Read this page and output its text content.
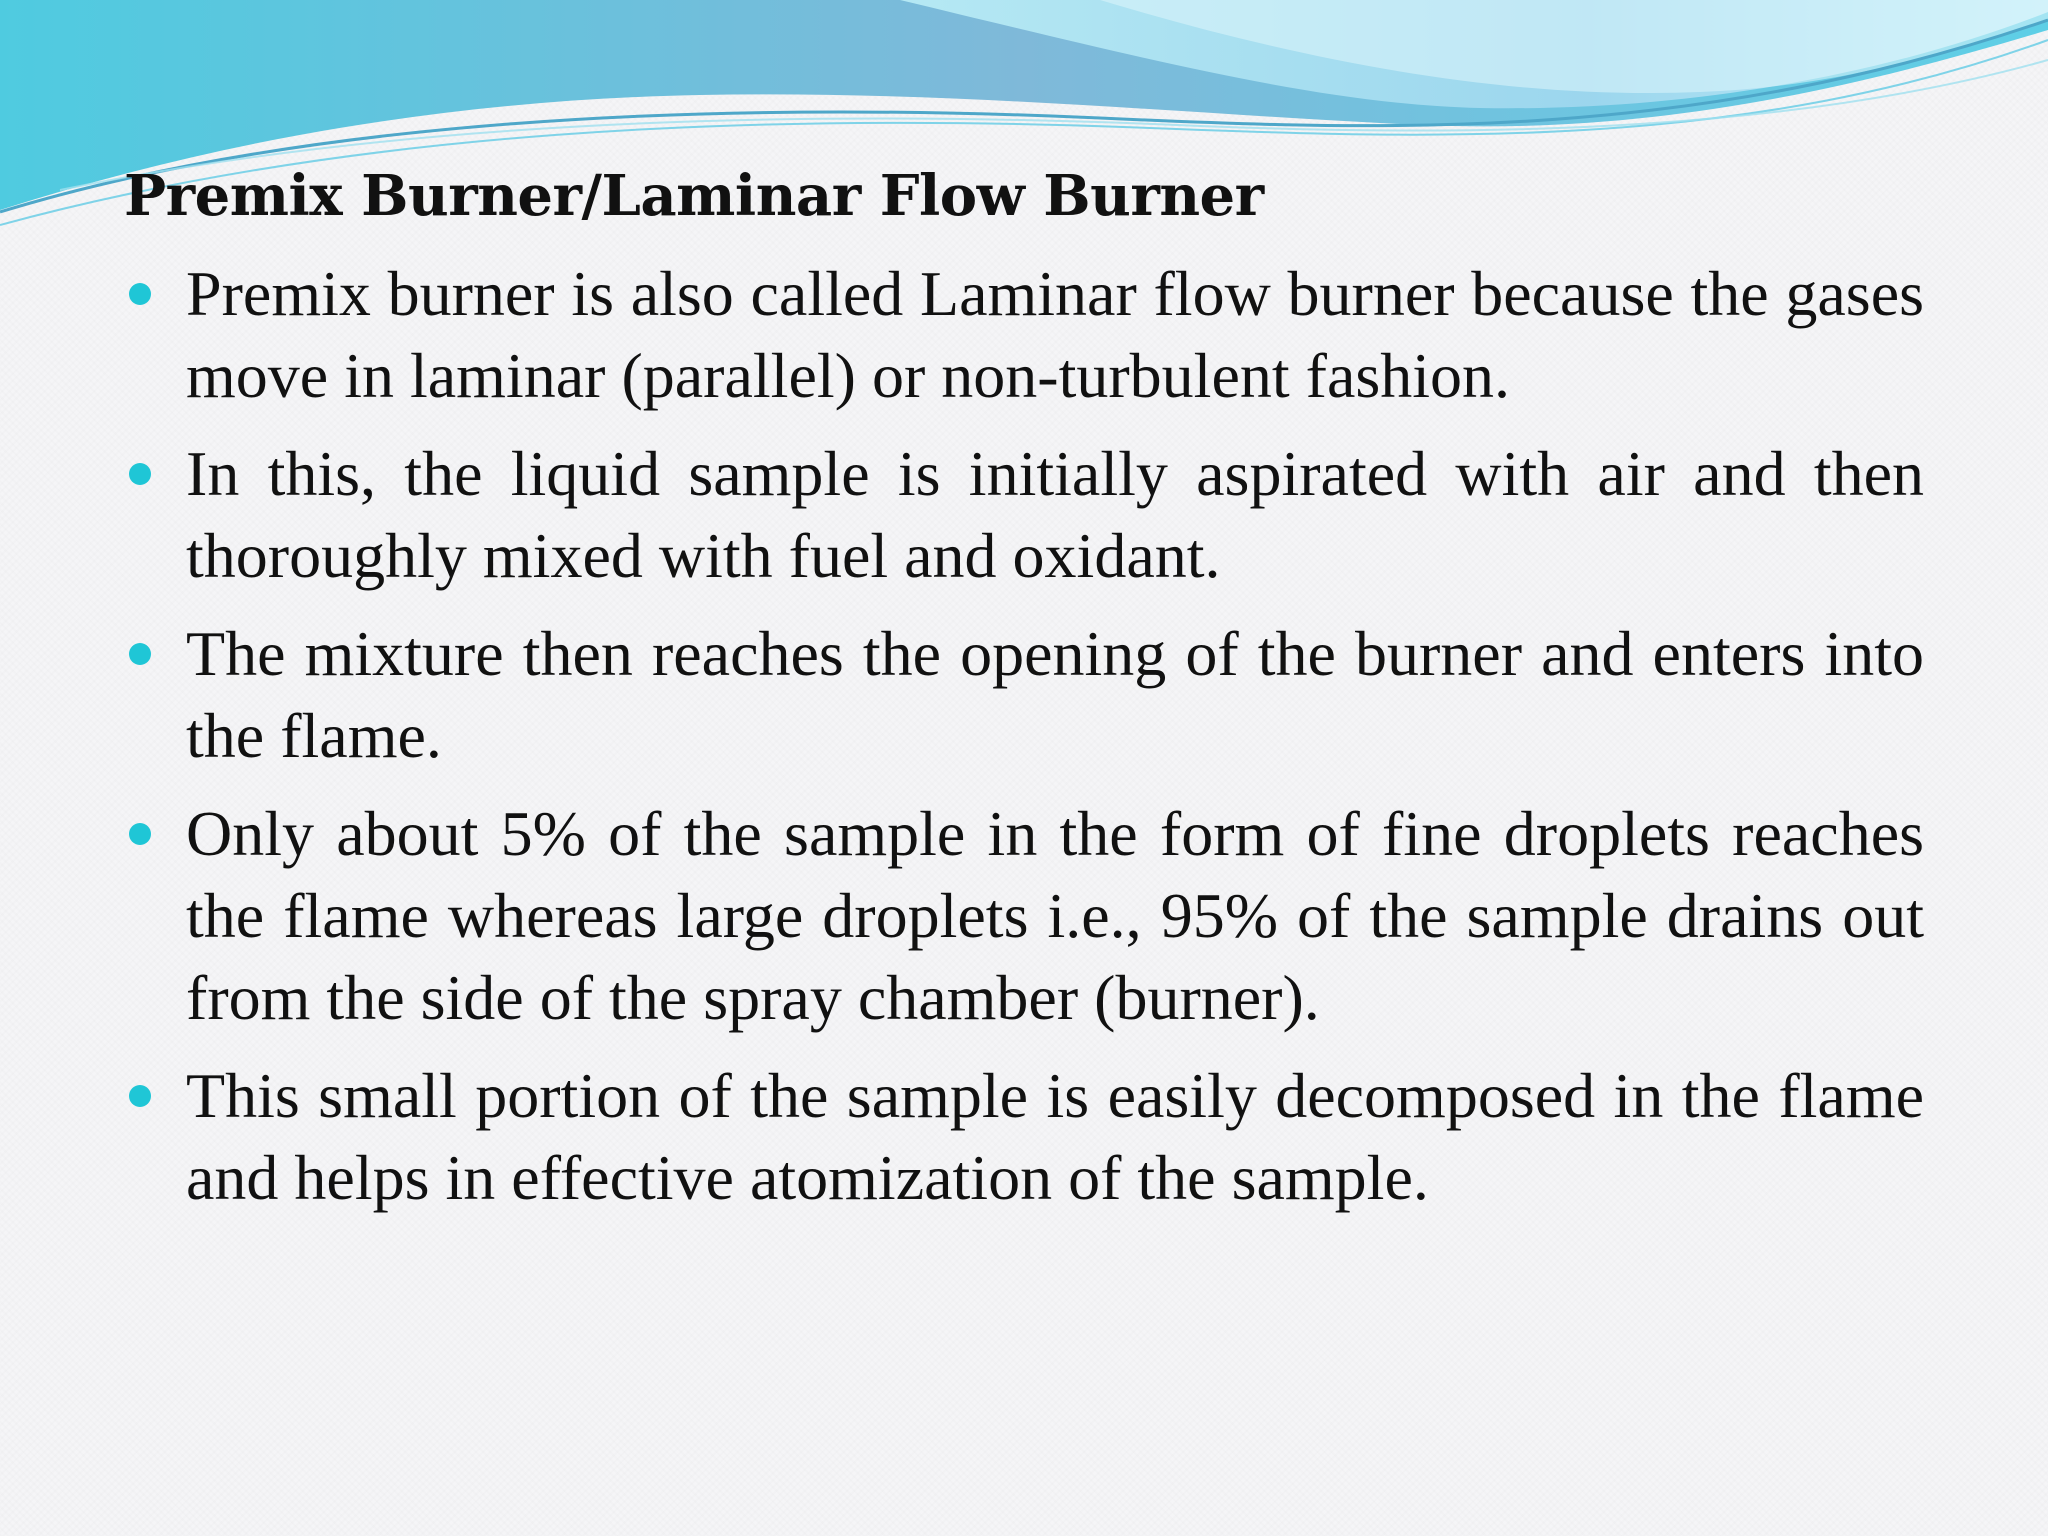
Premix Burner/Laminar Flow Burner
Premix burner is also called Laminar flow burner because the gases move in laminar (parallel) or non-turbulent fashion.
In this, the liquid sample is initially aspirated with air and then thoroughly mixed with fuel and oxidant.
The mixture then reaches the opening of the burner and enters into the flame.
Only about 5% of the sample in the form of fine droplets reaches the flame whereas large droplets i.e., 95% of the sample drains out from the side of the spray chamber (burner).
This small portion of the sample is easily decomposed in the flame and helps in effective atomization of the sample.
